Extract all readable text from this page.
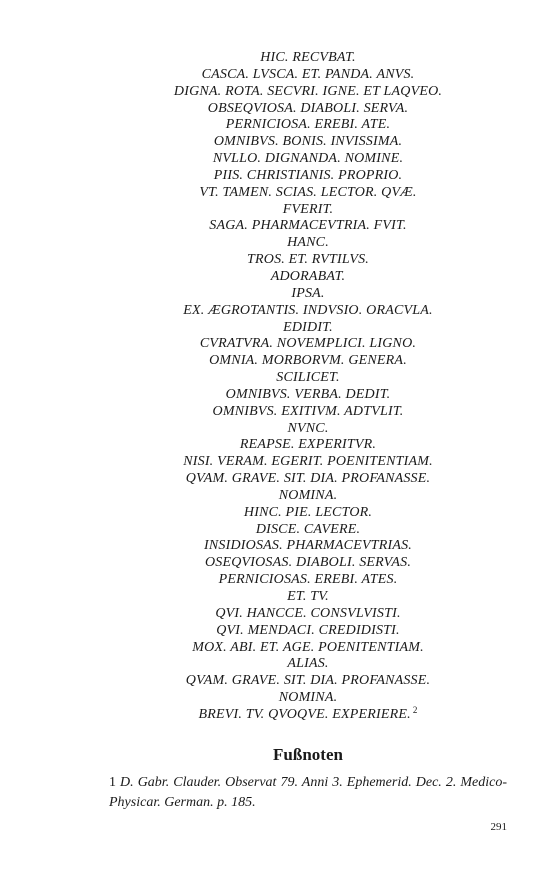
HIC. RECVBAT.
CASCA. LVSCA. ET. PANDA. ANVS.
DIGNA. ROTA. SECVRI. IGNE. ET LAQVEO.
OBSEQVIOSA. DIABOLI. SERVA.
PERNICIOSA. EREBI. ATE.
OMNIBVS. BONIS. INVISSIMA.
NVLLO. DIGNANDA. NOMINE.
PIIS. CHRISTIANIS. PROPRIO.
VT. TAMEN. SCIAS. LECTOR. QVÆ.
FVERIT.
SAGA. PHARMACEVTRIA. FVIT.
HANC.
TROS. ET. RVTILVS.
ADORABAT.
IPSA.
EX. ÆGROTANTIS. INDVSIO. ORACVLA.
EDIDIT.
CVRATVRA. NOVEMPLICI. LIGNO.
OMNIA. MORBORVM. GENERA.
SCILICET.
OMNIBVS. VERBA. DEDIT.
OMNIBVS. EXITIVM. ADTVLIT.
NVNC.
REAPSE. EXPERITVR.
NISI. VERAM. EGERIT. POENITENTIAM.
QVAM. GRAVE. SIT. DIA. PROFANASSE.
NOMINA.
HINC. PIE. LECTOR.
DISCE. CAVERE.
INSIDIOSAS. PHARMACEVTRIAS.
OSEQVIOSAS. DIABOLI. SERVAS.
PERNICIOSAS. EREBI. ATES.
ET. TV.
QVI. HANCCE. CONSVLVISTI.
QVI. MENDACI. CREDIDISTI.
MOX. ABI. ET. AGE. POENITENTIAM.
ALIAS.
QVAM. GRAVE. SIT. DIA. PROFANASSE.
NOMINA.
BREVI. TV. QVOQVE. EXPERIERE. $^2$
Fußnoten

1 D. Gabr. Clauder. Observat 79. Anni 3. Ephemerid. Dec. 2. Medico-Physicar. German. p. 185.

291
